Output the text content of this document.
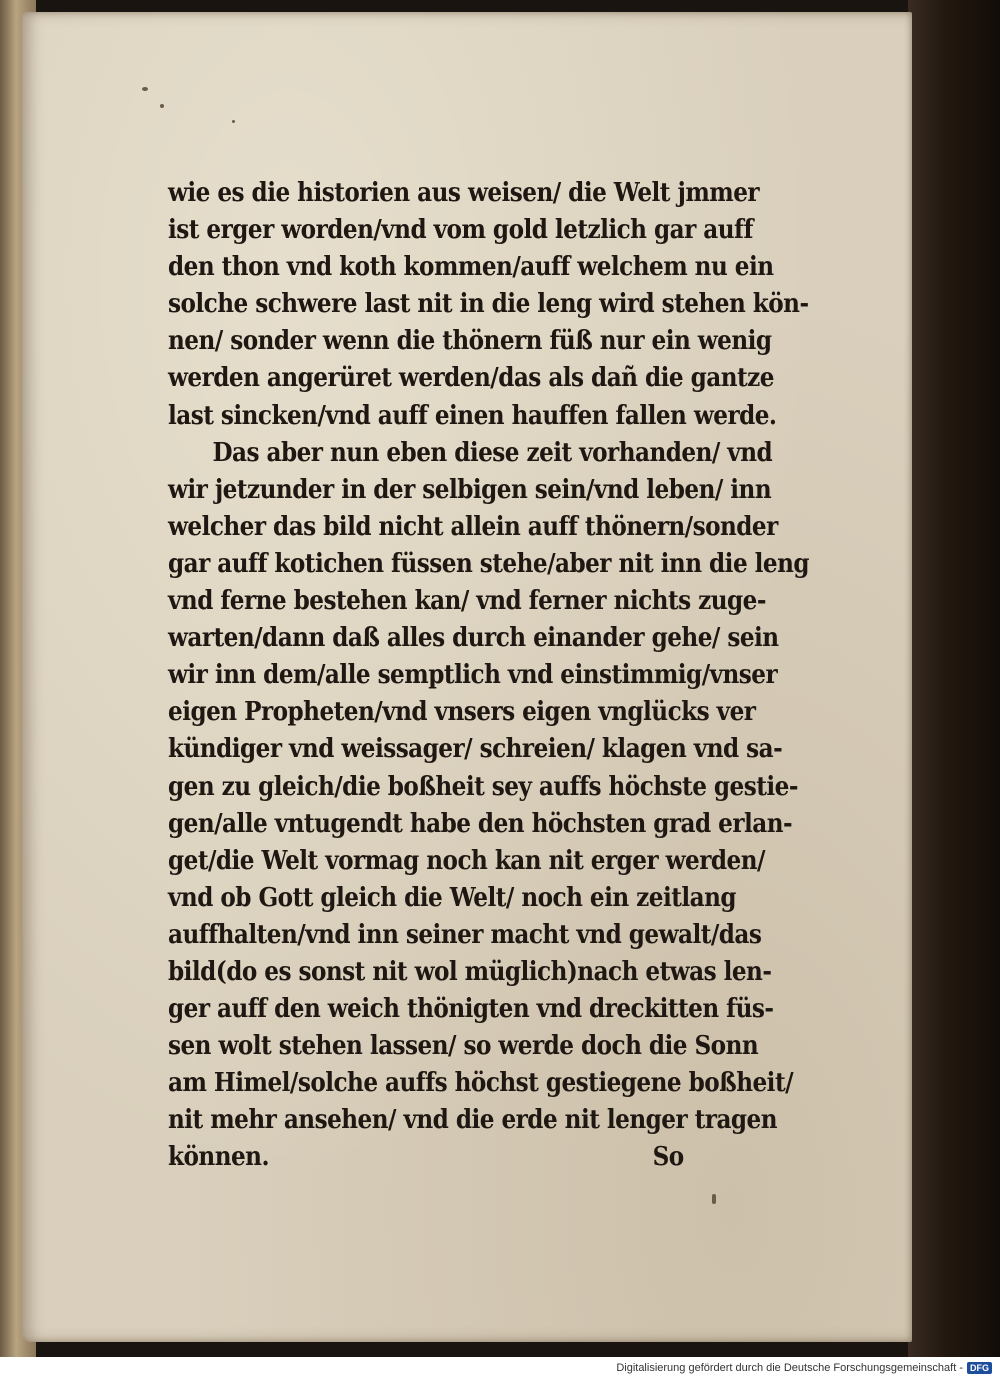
wie es die historien aus weisen/ die Welt jmmer
ist erger worden/vnd vom gold letzlich gar auff
den thon vnd koth kommen/auff welchem nu ein
solche schwere last nit in die leng wird stehen kön-
nen/ sonder wenn die thönern füß nur ein wenig
werden angerüret werden/das als dañ die gantze
last sincken/vnd auff einen hauffen fallen werde.
Das aber nun eben diese zeit vorhanden/ vnd
wir jetzunder in der selbigen sein/vnd leben/ inn
welcher das bild nicht allein auff thönern/sonder
gar auff kotichen füssen stehe/aber nit inn die leng
vnd ferne bestehen kan/ vnd ferner nichts zuge-
warten/dann daß alles durch einander gehe/ sein
wir inn dem/alle semptlich vnd einstimmig/vnser
eigen Propheten/vnd vnsers eigen vnglücks ver
kündiger vnd weissager/ schreien/ klagen vnd sa-
gen zu gleich/die boßheit sey auffs höchste gestie-
gen/alle vntugendt habe den höchsten grad erlan-
get/die Welt vormag noch kan nit erger werden/
vnd ob Gott gleich die Welt/ noch ein zeitlang
auffhalten/vnd inn seiner macht vnd gewalt/das
bild(do es sonst nit wol müglich)nach etwas len-
ger auff den weich thönigten vnd dreckitten füs-
sen wolt stehen lassen/ so werde doch die Sonn
am Himel/solche auffs höchst gestiegene boßheit/
nit mehr ansehen/ vnd die erde nit lenger tragen
können.                                                   So
Digitalisierung gefördert durch die Deutsche Forschungsgemeinschaft - DFG
